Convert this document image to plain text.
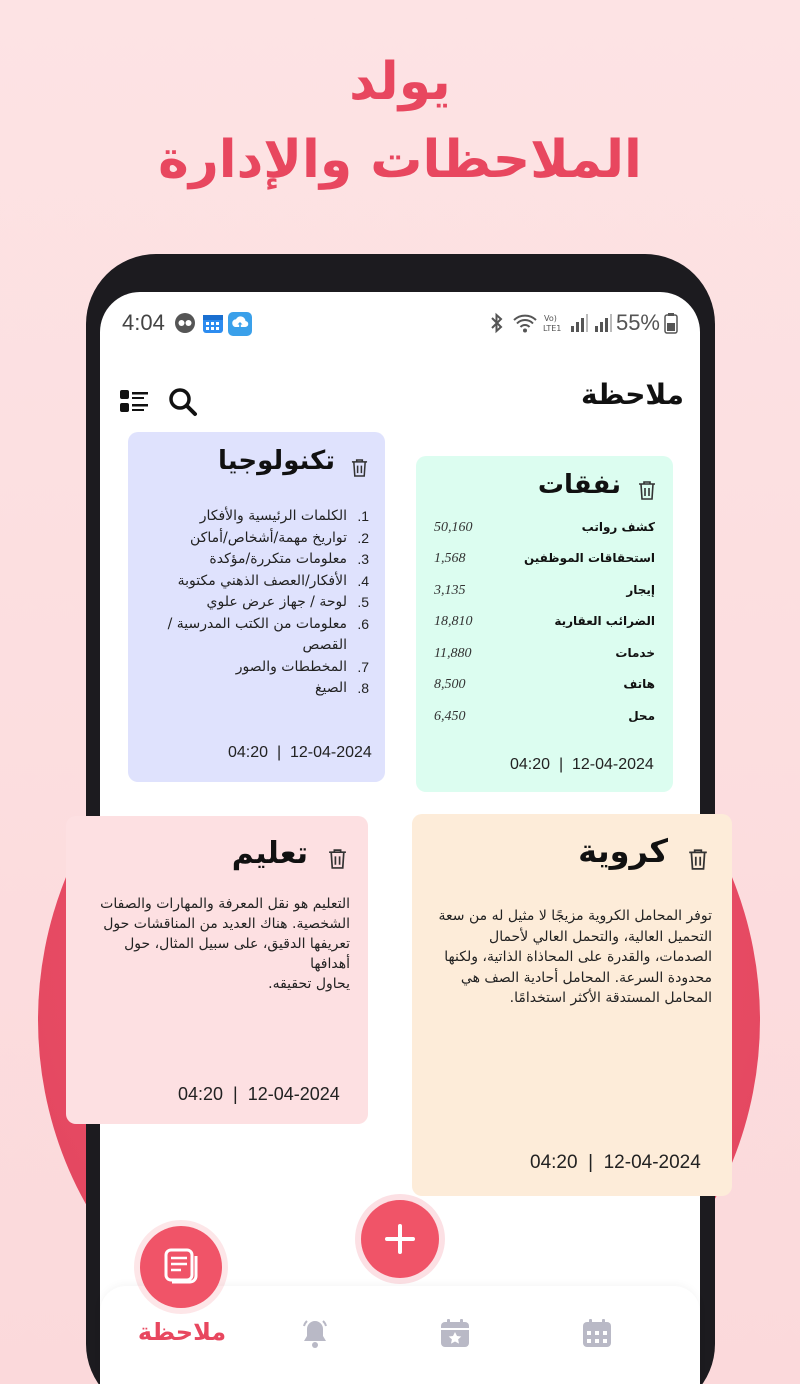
يولد
الملاحظات والإدارة
4:04	Vo)
LTE1 55%
ملاحظة
نفقات
كشف رواتب
50,160
استحقاقات الموظفين
1,568
إيجار
3,135
الضرائب العقارية
18,810
خدمات
11,880
هاتف
8,500
محل
6,450
04:20  |  12-04-2024
تكنولوجيا
1.
الكلمات الرئيسية والأفكار
2.
تواريخ مهمة/أشخاص/أماكن
3.
معلومات متكررة/مؤكدة
4.
الأفكار/العصف الذهني مكتوبة
5.
لوحة / جهاز عرض علوي
6.
معلومات من الكتب المدرسية / القصص
7.
المخططات والصور
8.
الصيغ
04:20  |  12-04-2024
كروية
توفر المحامل الكروية مزيجًا لا مثيل له من سعة التحميل العالية، والتحمل العالي لأحمال الصدمات، والقدرة على المحاذاة الذاتية، ولكنها محدودة السرعة. المحامل أحادية الصف هي المحامل المستدقة الأكثر استخدامًا.
04:20  |  12-04-2024
تعليم
التعليم هو نقل المعرفة والمهارات والصفات الشخصية. هناك العديد من المناقشات حول تعريفها الدقيق، على سبيل المثال، حول أهدافها
يحاول تحقيقه.
04:20  |  12-04-2024
ملاحظة
